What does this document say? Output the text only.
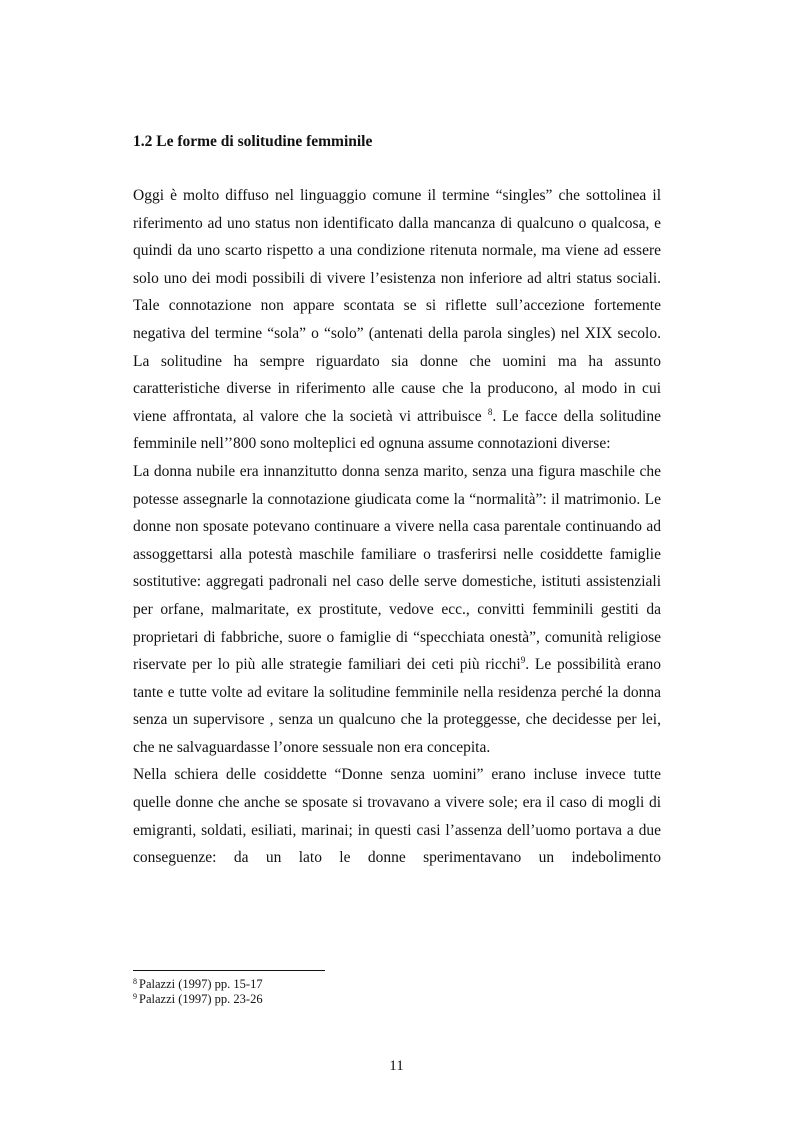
1.2 Le forme di solitudine femminile

Oggi è molto diffuso nel linguaggio comune il termine “singles” che sottolinea il riferimento ad uno status non identificato dalla mancanza di qualcuno o qualcosa, e quindi da uno scarto rispetto a una condizione ritenuta normale, ma viene ad essere solo uno dei modi possibili di vivere l’esistenza non inferiore ad altri status sociali. Tale connotazione non appare scontata se si riflette sull’accezione fortemente negativa del termine “sola” o “solo” (antenati della parola singles) nel XIX secolo. La solitudine ha sempre riguardato sia donne che uomini ma ha assunto caratteristiche diverse in riferimento alle cause che la producono, al modo in cui viene affrontata, al valore che la società vi attribuisce $^8$. Le facce della solitudine femminile nell’’800 sono molteplici ed ognuna assume connotazioni diverse:

La donna nubile era innanzitutto donna senza marito, senza una figura maschile che potesse assegnarle la connotazione giudicata come la “normalità”: il matrimonio. Le donne non sposate potevano continuare a vivere nella casa parentale continuando ad assoggettarsi alla potestà maschile familiare o trasferirsi nelle cosiddette famiglie sostitutive: aggregati padronali nel caso delle serve domestiche, istituti assistenziali per orfane, malmaritate, ex prostitute, vedove ecc., convitti femminili gestiti da proprietari di fabbriche, suore o famiglie di “specchiata onestà”, comunità religiose riservate per lo più alle strategie familiari dei ceti più ricchi$^9$. Le possibilità erano tante e tutte volte ad evitare la solitudine femminile nella residenza perché la donna senza un supervisore , senza un qualcuno che la proteggesse, che decidesse per lei, che ne salvaguardasse l’onore sessuale non era concepita.

Nella schiera delle cosiddette “Donne senza uomini” erano incluse invece tutte quelle donne che anche se sposate si trovavano a vivere sole; era il caso di mogli di emigranti, soldati, esiliati, marinai; in questi casi l’assenza dell’uomo portava a due conseguenze: da un lato le donne sperimentavano un indebolimento

$^8$ Palazzi (1997) pp. 15-17
$^9$ Palazzi (1997) pp. 23-26
11
